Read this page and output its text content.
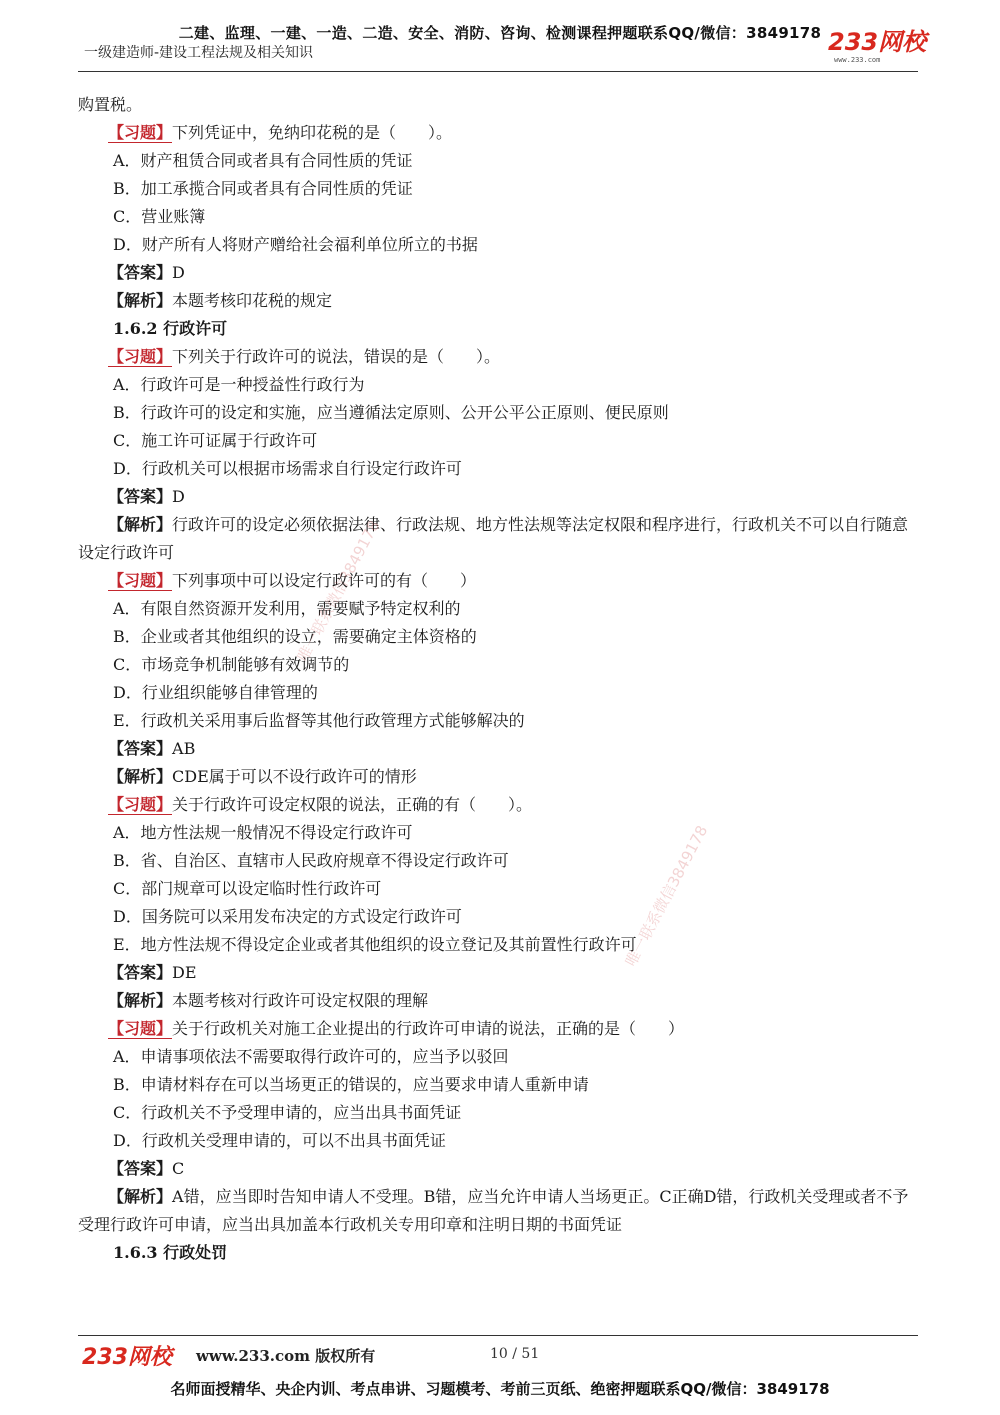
二建、监理、一建、一造、二造、安全、消防、咨询、检测课程押题联系QQ/微信：3849178
一级建造师-建设工程法规及相关知识	233网校
www.233.com
购置税。
【习题】下列凭证中，免纳印花税的是（　　）。
A．财产租赁合同或者具有合同性质的凭证
B．加工承揽合同或者具有合同性质的凭证
C．营业账簿
D．财产所有人将财产赠给社会福利单位所立的书据
【答案】D
【解析】本题考核印花税的规定
1.6.2 行政许可
【习题】下列关于行政许可的说法，错误的是（　　）。
A．行政许可是一种授益性行政行为
B．行政许可的设定和实施，应当遵循法定原则、公开公平公正原则、便民原则
C．施工许可证属于行政许可
D．行政机关可以根据市场需求自行设定行政许可
【答案】D
【解析】行政许可的设定必须依据法律、行政法规、地方性法规等法定权限和程序进行，行政机关不可以自行随意设定行政许可
【习题】下列事项中可以设定行政许可的有（　　）
A．有限自然资源开发利用，需要赋予特定权利的
B．企业或者其他组织的设立，需要确定主体资格的
C．市场竞争机制能够有效调节的
D．行业组织能够自律管理的
E．行政机关采用事后监督等其他行政管理方式能够解决的
【答案】AB
【解析】CDE属于可以不设行政许可的情形
【习题】关于行政许可设定权限的说法，正确的有（　　）。
A．地方性法规一般情况不得设定行政许可
B．省、自治区、直辖市人民政府规章不得设定行政许可
C．部门规章可以设定临时性行政许可
D．国务院可以采用发布决定的方式设定行政许可
E．地方性法规不得设定企业或者其他组织的设立登记及其前置性行政许可
【答案】DE
【解析】本题考核对行政许可设定权限的理解
【习题】关于行政机关对施工企业提出的行政许可申请的说法，正确的是（　　）
A．申请事项依法不需要取得行政许可的，应当予以驳回
B．申请材料存在可以当场更正的错误的，应当要求申请人重新申请
C．行政机关不予受理申请的，应当出具书面凭证
D．行政机关受理申请的，可以不出具书面凭证
【答案】C
【解析】A错，应当即时告知申请人不受理。B错，应当允许申请人当场更正。C正确D错，行政机关受理或者不予受理行政许可申请，应当出具加盖本行政机关专用印章和注明日期的书面凭证
1.6.3 行政处罚
唯一联系微信3849178
唯一联系微信3849178
233网校 www.233.com 版权所有	10 / 51
名师面授精华、央企内训、考点串讲、习题模考、考前三页纸、绝密押题联系QQ/微信：3849178
